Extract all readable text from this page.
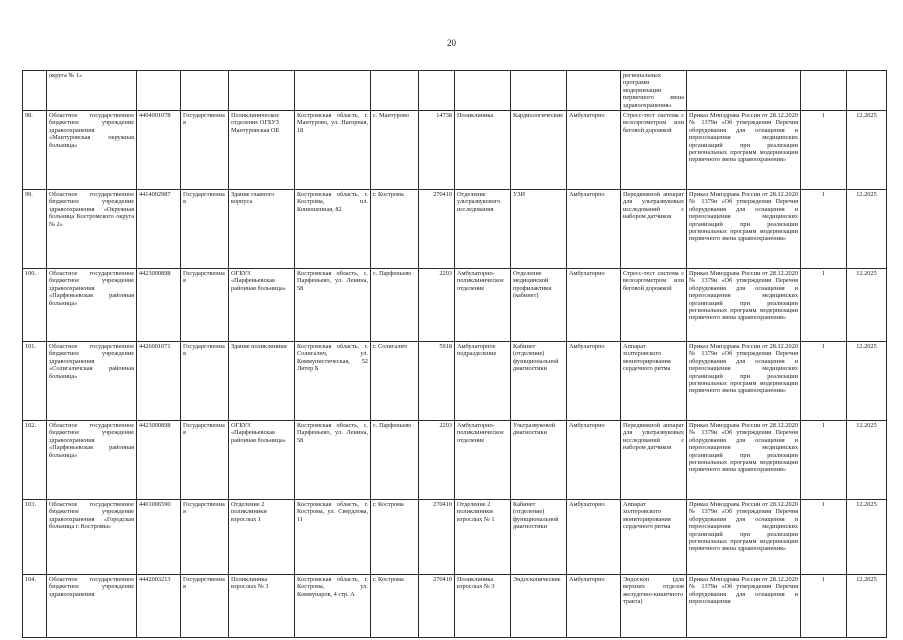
20
	округа № 1»										региональных программ модернизации первичного звена здравоохранения»			
98.	Областное государственное бюджетное учреждение здравоохранения «Мантуровская окружная больница»	4404001078	Государственная	Поликлиническое отделение ОГБУЗ Мантуровская ОБ	Костромская область, г. Мантурово, ул. Нагорная, 18	с. Мантурово	14738	Поликлиника	Кардиологические	Амбулаторно	Стресс-тест система с велоэргометром или беговой дорожкой	Приказ Минздрава России от 28.12.2020 № 1379н «Об утверждении Перечня оборудования для оснащения и переоснащения медицинских организаций при реализации региональных программ модернизации первичного звена здравоохранения»	1	12.2025
99.	Областное государственное бюджетное учреждение здравоохранения «Окружная больница Костромского округа № 2»	4414002987	Государственная	Здание главного корпуса	Костромская область, г. Кострома, пл. Конюшенная, 82	г. Кострома	270410	Отделение ультразвукового исследования	УЗИ	Амбулаторно	Передвижной аппарат для ультразвуковых исследований с набором датчиков	Приказ Минздрава России от 28.12.2020 № 1379н «Об утверждении Перечня оборудования для оснащения и переоснащения медицинских организаций при реализации региональных программ модернизации первичного звена здравоохранения»	1	12.2025
100.	Областное государственное бюджетное учреждение здравоохранения «Парфеньевская районная больница»	4423000898	Государственная	ОГБУЗ «Парфеньевская районная больница»	Костромская область, с. Парфеньево, ул. Ленина, 58	с. Парфеньево	2203	Амбулаторно-поликлиническое отделение	Отделение медицинской профилактики (кабинет)	Амбулаторно	Стресс-тест система с велоэргометром или беговой дорожкой	Приказ Минздрава России от 28.12.2020 № 1379н «Об утверждении Перечня оборудования для оснащения и переоснащения медицинских организаций при реализации региональных программ модернизации первичного звена здравоохранения»	1	12.2025
101.	Областное государственное бюджетное учреждение здравоохранения «Солигаличская районная больница»	4426001071	Государственная	Здание поликлиники	Костромская область, г. Солигалич, ул. Коммунистическая, 52 Литер Б	г. Солигалич	5918	Амбулаторное подразделение	Кабинет (отделение) функциональной диагностики	Амбулаторно	Аппарат холтеровского мониторирования сердечного ритма	Приказ Минздрава России от 28.12.2020 № 1379н «Об утверждении Перечня оборудования для оснащения и переоснащения медицинских организаций при реализации региональных программ модернизации первичного звена здравоохранения»	1	12.2025
102.	Областное государственное бюджетное учреждение здравоохранения «Парфеньевская районная больница»	4423000898	Государственная	ОГБУЗ «Парфеньевская районная больница»	Костромская область, с. Парфеньево, ул. Ленина, 58	с. Парфеньево	2203	Амбулаторно-поликлиническое отделение	Ультразвуковой диагностики	Амбулаторно	Передвижной аппарат для ультразвуковых исследований с набором датчиков	Приказ Минздрава России от 28.12.2020 № 1379н «Об утверждении Перечня оборудования для оснащения и переоснащения медицинских организаций при реализации региональных программ модернизации первичного звена здравоохранения»	1	12.2025
103.	Областное государственное бюджетное учреждение здравоохранения «Городская больница г. Костромы»	4401006590	Государственная	Отделение 2 поликлиники взрослых 1	Костромская область, г. Кострома, ул. Свердлова, 11	г. Кострома	270410	Отделение 2 поликлиники взрослых № 1	Кабинет (отделение) функциональной диагностики	Амбулаторно	Аппарат холтеровского мониторирования сердечного ритма	Приказ Минздрава России от 28.12.2020 № 1379н «Об утверждении Перечня оборудования для оснащения и переоснащения медицинских организаций при реализации региональных программ модернизации первичного звена здравоохранения»	1	12.2025
104.	Областное государственное бюджетное учреждение здравоохранения	4442003213	Государственная	Поликлиника взрослых № 3	Костромская область, г. Кострома, ул. Коммунаров, 4 стр. А	г. Кострома	270410	Поликлиника взрослых № 3	Эндоскопические	Амбулаторно	Эндоскоп (для верхних отделов желудочно-кишечного тракта)	Приказ Минздрава России от 28.12.2020 № 1379н «Об утверждении Перечня оборудования для оснащения и переоснащения	1	12.2025
